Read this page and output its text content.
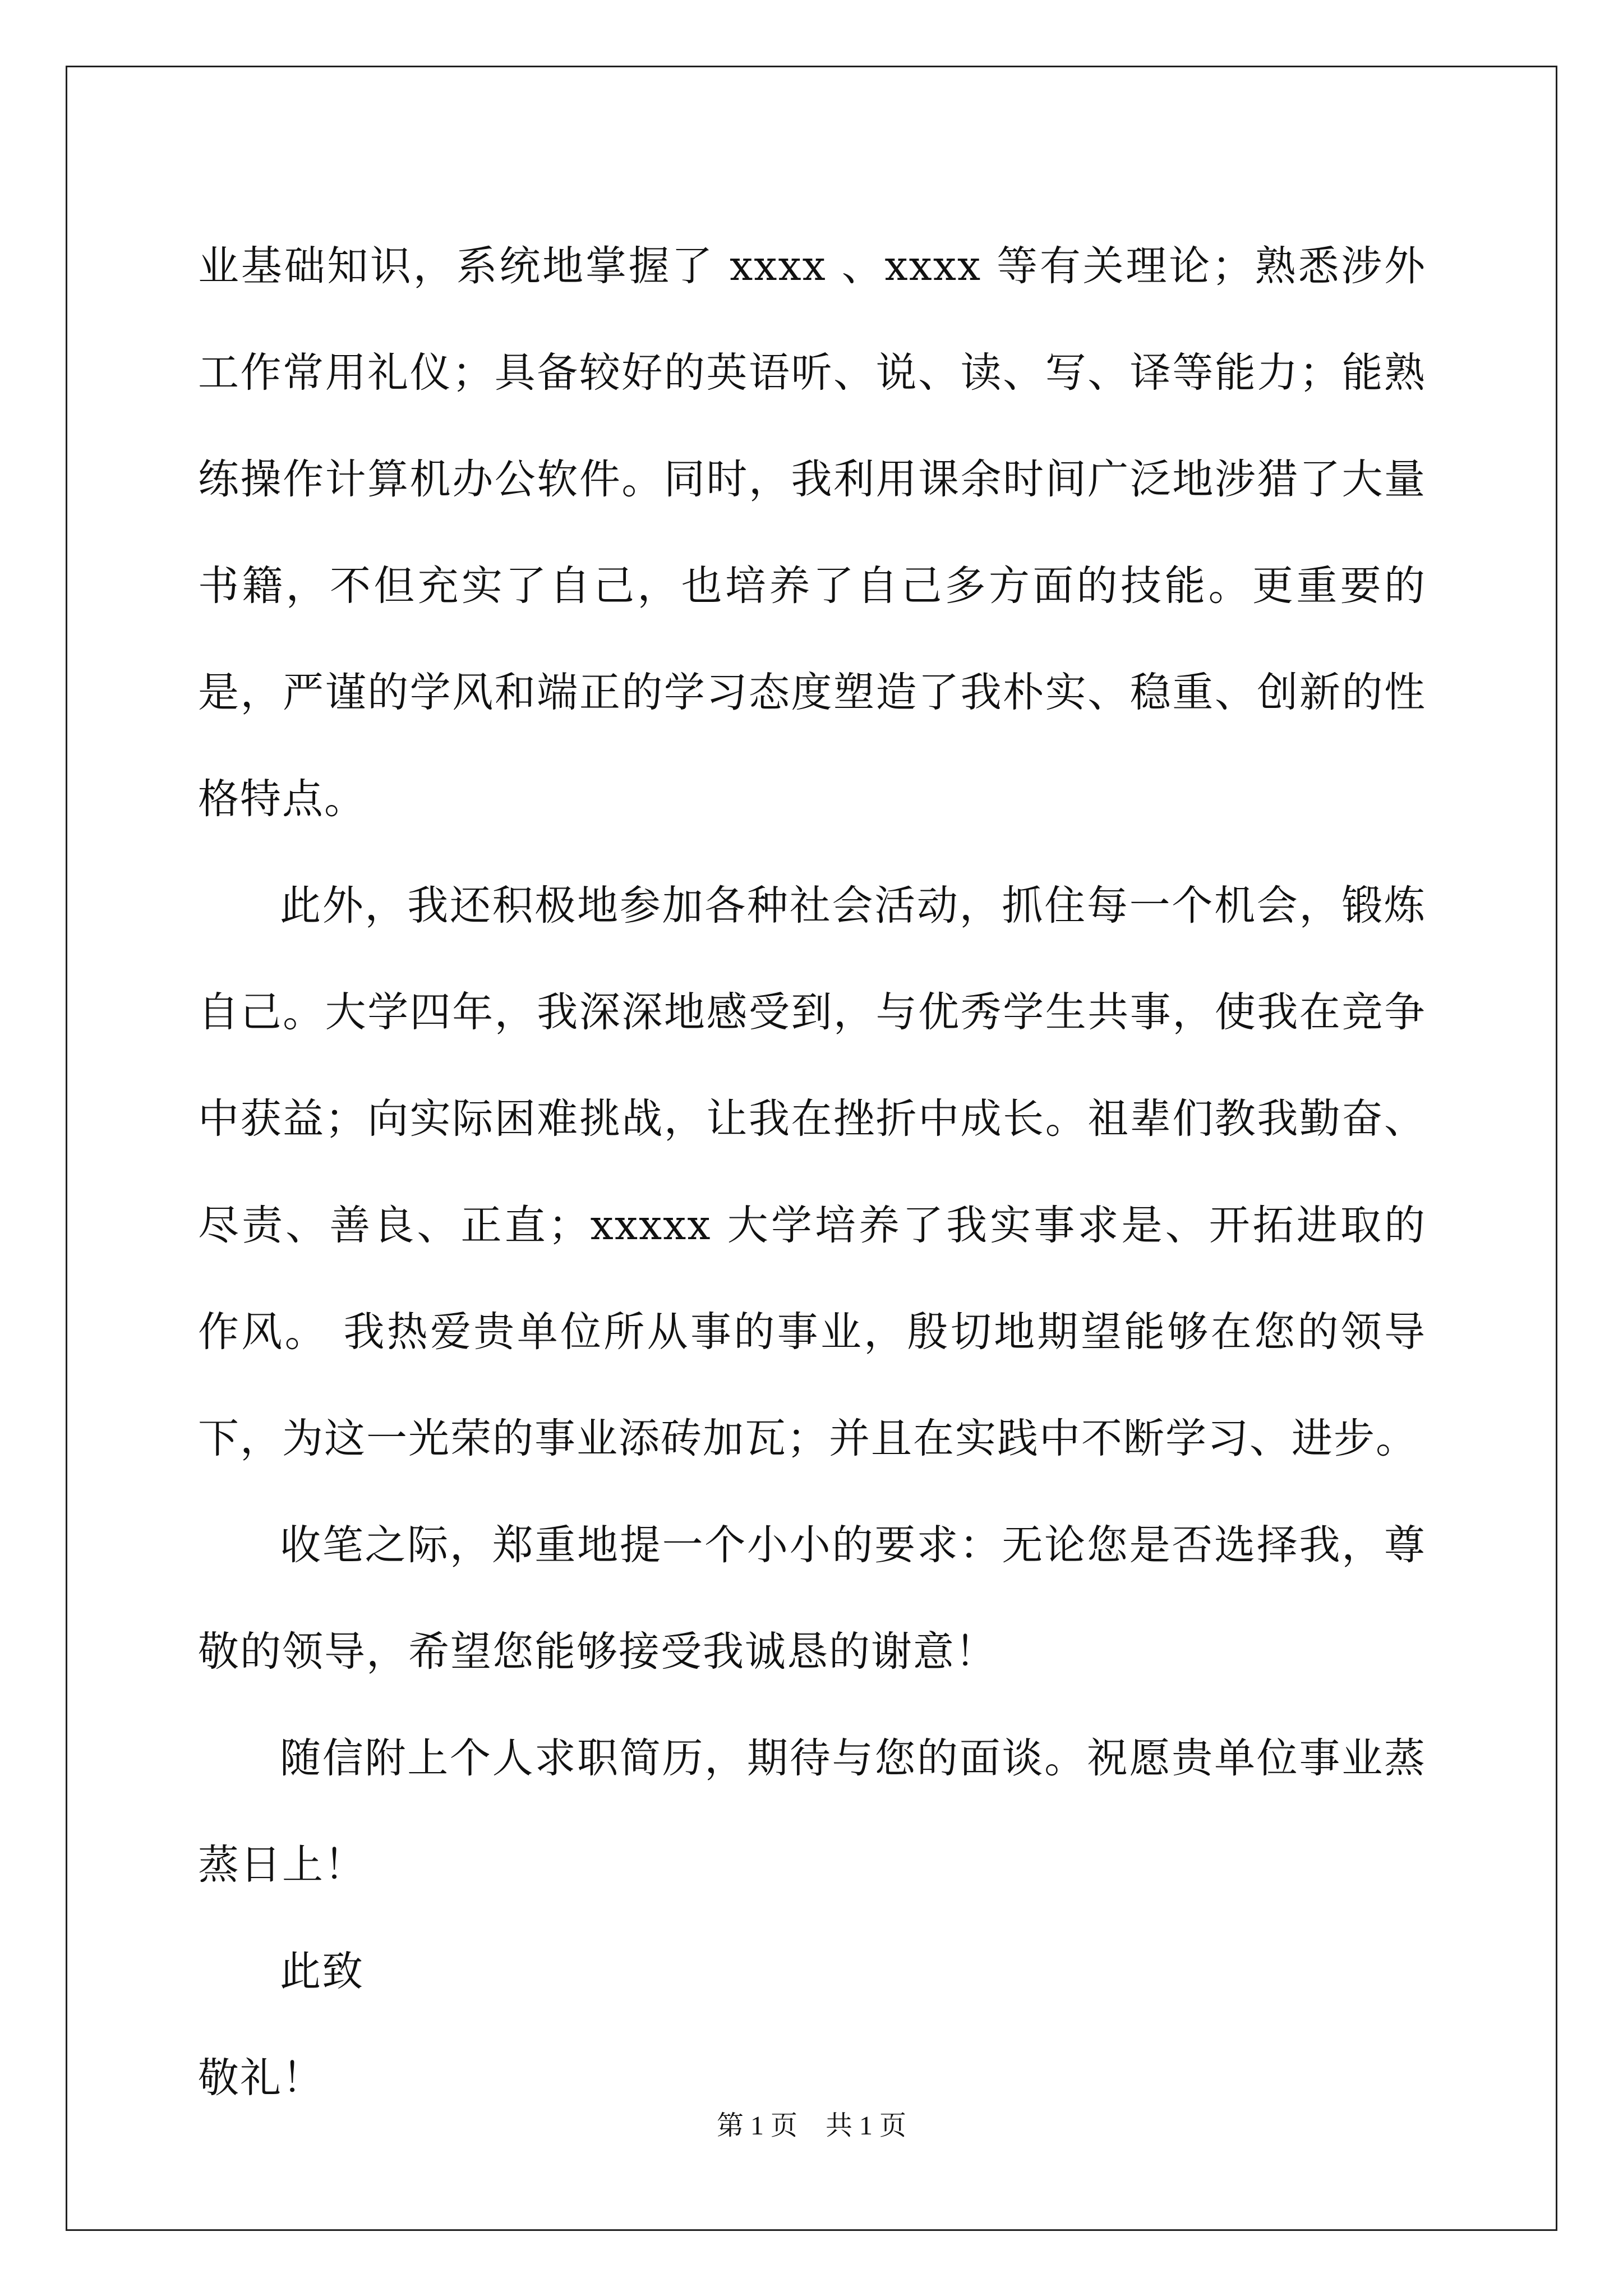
业基础知识，系统地掌握了 xxxx 、xxxx 等有关理论；熟悉涉外工作常用礼仪；具备较好的英语听、说、读、写、译等能力；能熟练操作计算机办公软件。同时，我利用课余时间广泛地涉猎了大量书籍，不但充实了自己，也培养了自己多方面的技能。更重要的是，严谨的学风和端正的学习态度塑造了我朴实、稳重、创新的性格特点。

此外，我还积极地参加各种社会活动，抓住每一个机会，锻炼自己。大学四年，我深深地感受到，与优秀学生共事，使我在竞争中获益；向实际困难挑战，让我在挫折中成长。祖辈们教我勤奋、尽责、善良、正直；xxxxx 大学培养了我实事求是、开拓进取的作风。 我热爱贵单位所从事的事业，殷切地期望能够在您的领导下，为这一光荣的事业添砖加瓦；并且在实践中不断学习、进步。

收笔之际，郑重地提一个小小的要求：无论您是否选择我，尊敬的领导，希望您能够接受我诚恳的谢意！

随信附上个人求职简历，期待与您的面谈。祝愿贵单位事业蒸蒸日上！

此致

敬礼！

第 1 页 共 1 页
